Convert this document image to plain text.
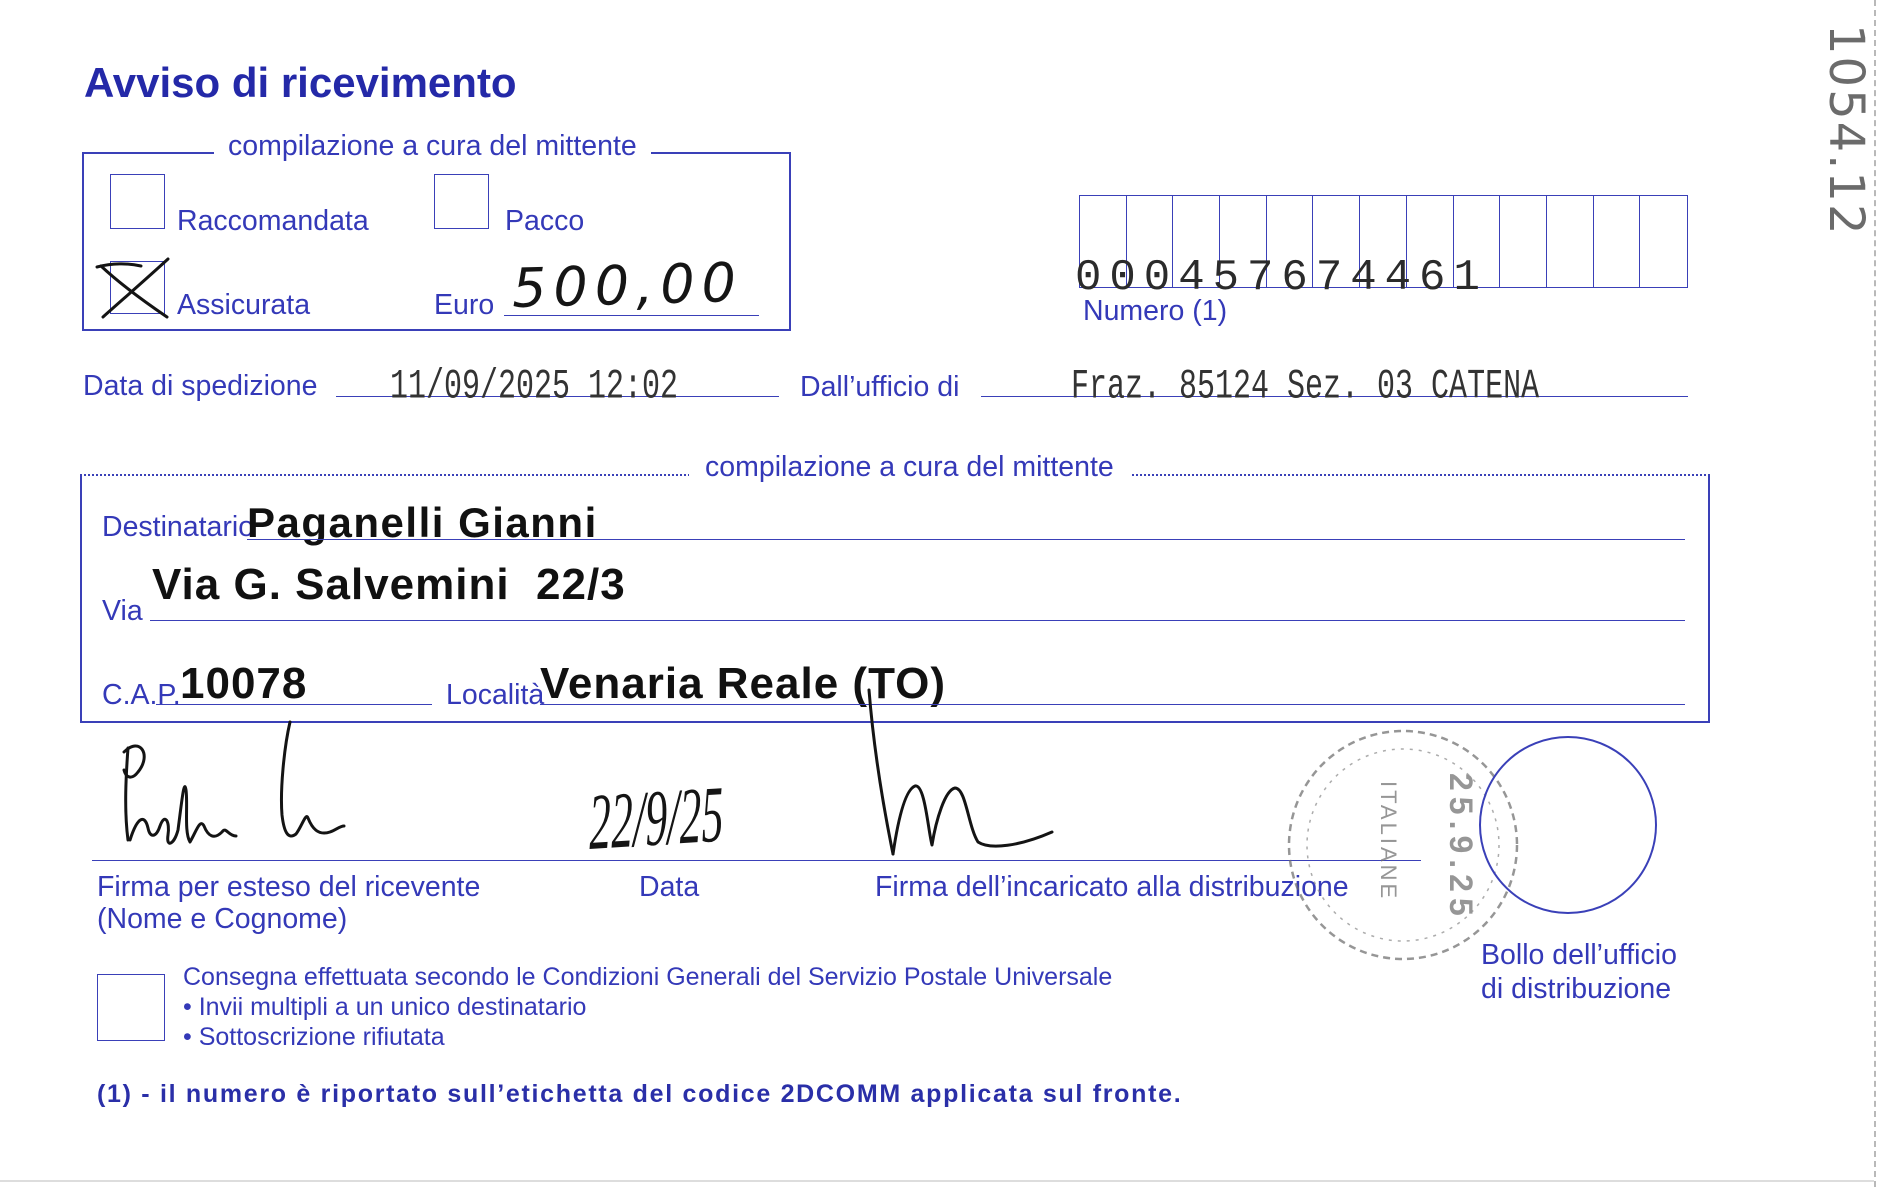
Avviso di ricevimento
compilazione a cura del mittente
Raccomandata	Pacco
Assicurata	Euro 500,00	000457674461
Numero (1)
Data di spedizione 11/09/2025 12:02	Dall’ufficio di	Fraz. 85124 Sez. 03 CATENA
compilazione a cura del mittente
Destinatario
Paganelli Gianni
Via
Via G. Salvemini  22/3
C.A.P. 10078	Località
Venaria Reale (TO)
Firma per esteso del ricevente
(Nome e Cognome)
Data	Firma dell’incaricato alla distribuzione
22/9/25
Bollo dell’ufficio
di distribuzione
Consegna effettuata secondo le Condizioni Generali del Servizio Postale Universale
• Invii multipli a un unico destinatario
• Sottoscrizione rifiutata
(1) - il numero è riportato sull’etichetta del codice 2DCOMM applicata sul fronte.
1054.12
ITALIANE 25.9.25
